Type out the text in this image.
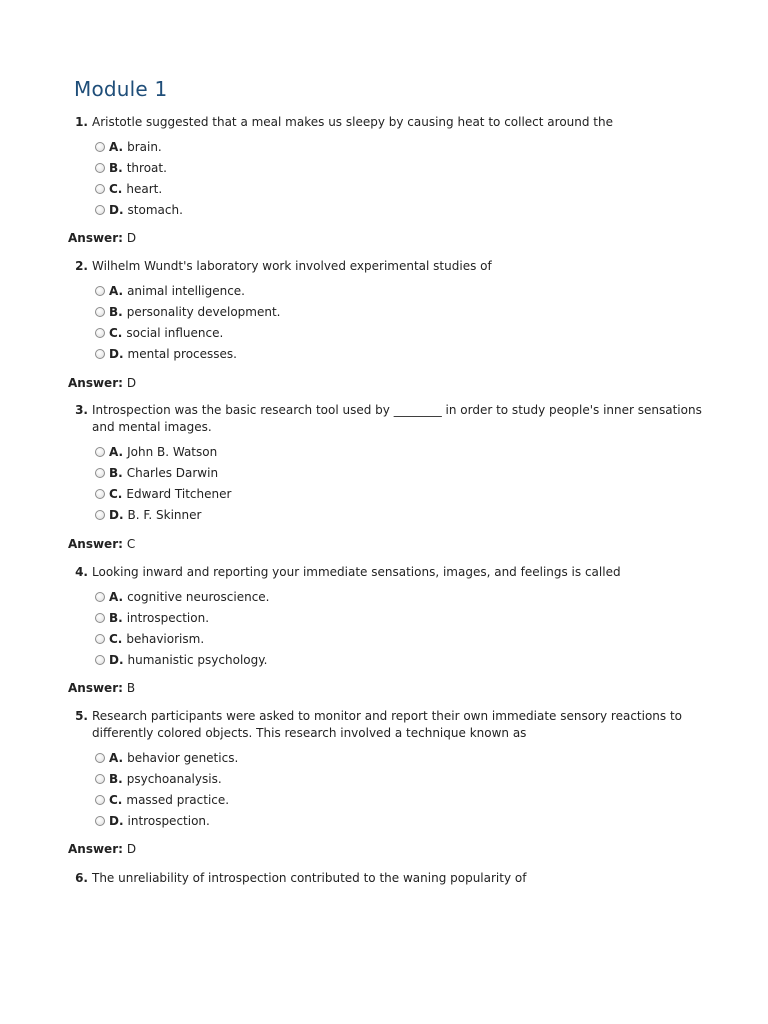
Module 1
1. Aristotle suggested that a meal makes us sleepy by causing heat to collect around the
A. brain.
B. throat.
C. heart.
D. stomach.
Answer: D
2. Wilhelm Wundt's laboratory work involved experimental studies of
A. animal intelligence.
B. personality development.
C. social influence.
D. mental processes.
Answer: D
3. Introspection was the basic research tool used by ________ in order to study people's inner sensations and mental images.
A. John B. Watson
B. Charles Darwin
C. Edward Titchener
D. B. F. Skinner
Answer: C
4. Looking inward and reporting your immediate sensations, images, and feelings is called
A. cognitive neuroscience.
B. introspection.
C. behaviorism.
D. humanistic psychology.
Answer: B
5. Research participants were asked to monitor and report their own immediate sensory reactions to differently colored objects. This research involved a technique known as
A. behavior genetics.
B. psychoanalysis.
C. massed practice.
D. introspection.
Answer: D
6. The unreliability of introspection contributed to the waning popularity of
